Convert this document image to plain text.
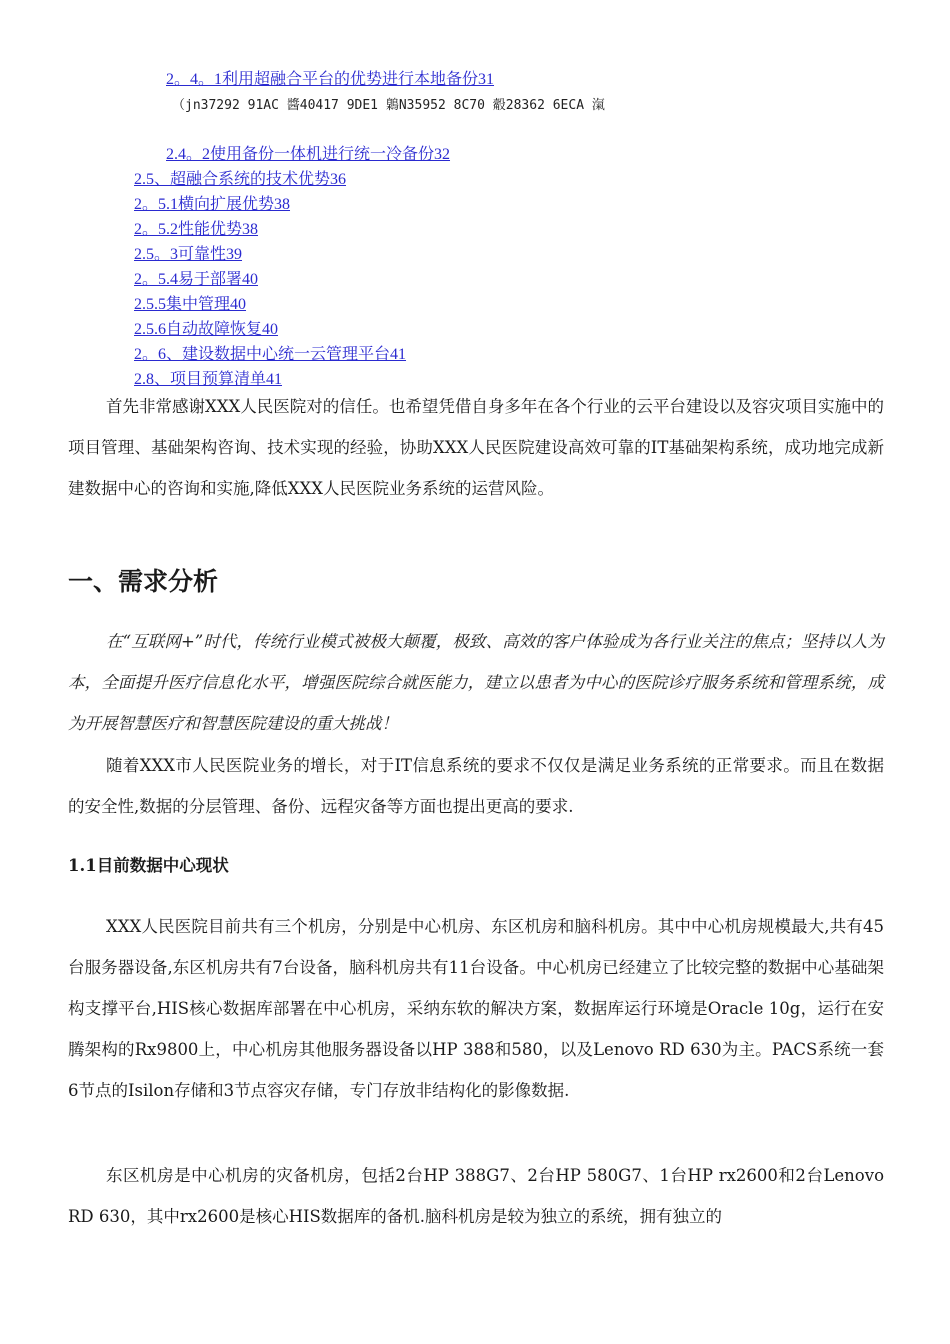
2。4。1利用超融合平台的优势进行本地备份31
（jn37292 91AC 醬40417 9DE1 鷍N35952 8C70 觳28362 6ECA 滊
2.4。2使用备份一体机进行统一冷备份32
2.5、超融合系统的技术优势36
2。5.1横向扩展优势38
2。5.2性能优势38
2.5。3可靠性39
2。5.4易于部署40
2.5.5集中管理40
2.5.6自动故障恢复40
2。6、建设数据中心统一云管理平台41
2.8、项目预算清单41

首先非常感谢XXX人民医院对的信任。也希望凭借自身多年在各个行业的云平台建设以及容灾项目实施中的项目管理、基础架构咨询、技术实现的经验，协助XXX人民医院建设高效可靠的IT基础架构系统，成功地完成新建数据中心的咨询和实施,降低XXX人民医院业务系统的运营风险。

一、需求分析

在“互联网+”时代，传统行业模式被极大颠覆，极致、高效的客户体验成为各行业关注的焦点；坚持以人为本，全面提升医疗信息化水平，增强医院综合就医能力，建立以患者为中心的医院诊疗服务系统和管理系统，成为开展智慧医疗和智慧医院建设的重大挑战！

随着XXX市人民医院业务的增长，对于IT信息系统的要求不仅仅是满足业务系统的正常要求。而且在数据的安全性,数据的分层管理、备份、远程灾备等方面也提出更高的要求.

1.1目前数据中心现状

XXX人民医院目前共有三个机房，分别是中心机房、东区机房和脑科机房。其中中心机房规模最大,共有45台服务器设备,东区机房共有7台设备，脑科机房共有11台设备。中心机房已经建立了比较完整的数据中心基础架构支撑平台,HIS核心数据库部署在中心机房，采纳东软的解决方案，数据库运行环境是Oracle 10g，运行在安腾架构的Rx9800上，中心机房其他服务器设备以HP 388和580，以及Lenovo RD 630为主。PACS系统一套6节点的Isilon存储和3节点容灾存储，专门存放非结构化的影像数据.

东区机房是中心机房的灾备机房，包括2台HP 388G7、2台HP 580G7、1台HP rx2600和2台Lenovo RD 630，其中rx2600是核心HIS数据库的备机.脑科机房是较为独立的系统，拥有独立的
